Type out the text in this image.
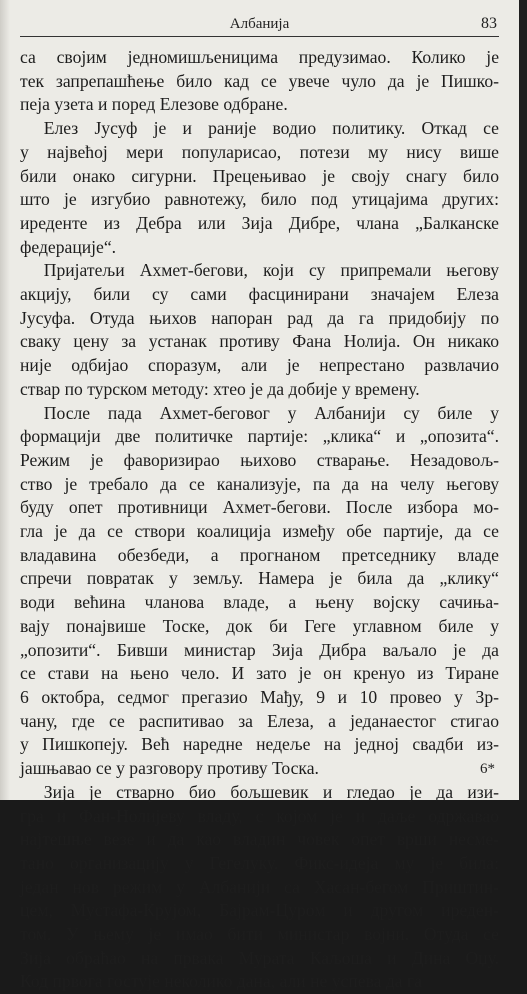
Албанија	83
са својим једномишљеницима предузимао. Колико је
тек запрепашћење било кад се увече чуло да је Пишко-
пеја узета и поред Елезове одбране.
Елез Јусуф је и раније водио политику. Откад се
у највећој мери популарисао, потези му нису више
били онако сигурни. Прецењивао је своју снагу било
што је изгубио равнотежу, било под утицајима других:
иреденте из Дебра или Зија Дибре, члана „Балканске
федерације“.
Пријатељи Ахмет-бегови, који су припремали његову
акцију, били су сами фасцинирани значајем Елеза
Јусуфа. Отуда њихов напоран рад да га придобију по
сваку цену за устанак противу Фана Нолија. Он никако
није одбијао споразум, али је непрестано развлачио
ствар по турском методу: хтео је да добије у времену.
После пада Ахмет-беговог у Албанији су биле у
формацији две политичке партије: „клика“ и „опозита“.
Режим је фаворизирао њихово стварање. Незадовољ-
ство је требало да се канализује, па да на челу његову
буду опет противници Ахмет-бегови. После избора мо-
гла је да се створи коалиција између обе партије, да се
владавина обезбеди, а прогнаном претседнику владе
спречи повратак у земљу. Намера је била да „клику“
води већина чланова владе, а њену војску сачиња-
вају понајвише Тоске, док би Геге углавном биле у
„опозити“. Бивши министар Зија Дибра ваљало је да
се стави на њено чело. И зато је он кренуо из Тиране
6 октобра, седмог прегазио Мађу, 9 и 10 провео у Зр-
чану, где се распитивао за Елеза, а једанаестог стигао
у Пишкопеју. Већ наредне недеље на једној свадби из-
јашњавао се у разговору противу Тоска.
Зија је стварно био бољшевик и гледао је да изи-
гра и Фан-Нолијеву владу, с којом је и даље одржавао
најтешње везе и да као владин човек опет врши несме-
тано организацију у Гегелуку. Фикс-идеја му је била:
један нов режим у Албанији са Хасан-бегом Приштин-
цем, Мустафа-Крујом, Бајрам-Цуром и другом иреден-
том. У њему је имао бити министар војни. Отуда се
Зија обраћао на првака Мурата Каљоша и Дина Оџу.
Код првога гостује неколико дана, али не успева да га
6*
